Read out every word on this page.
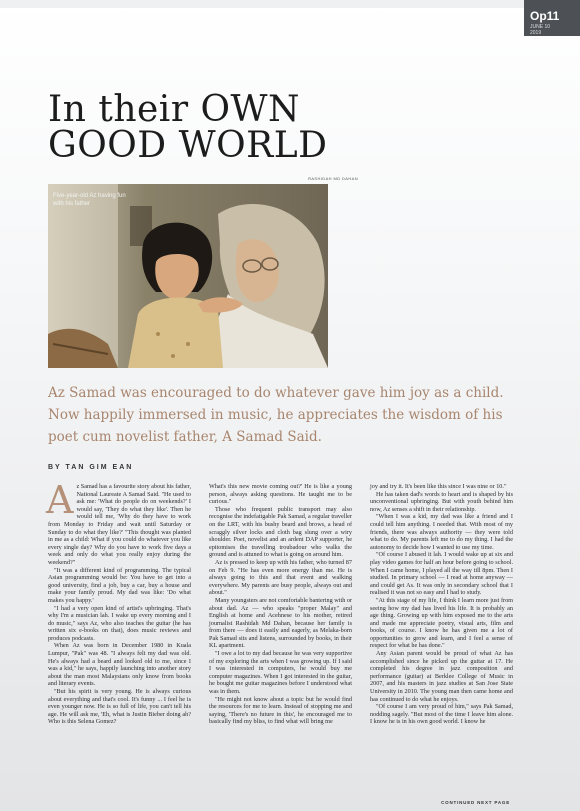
Op11
JUNE 10
2019
In their OWN
GOOD WORLD
RASHIDAH MD DAHAN
Five-year-old Az having fun with his father

Az Samad was encouraged to do whatever gave him joy as a child. Now happily immersed in music, he appreciates the wisdom of his poet cum novelist father, A Samad Said.

BY TAN GIM EAN

Az Samad has a favourite story about his father, National Laureate A Samad Said. "He used to ask me: 'What do people do on weekends?' I would say, 'They do what they like'. Then he would tell me, 'Why do they have to work from Monday to Friday and wait until Saturday or Sunday to do what they like?' "This thought was planted in me as a child: What if you could do whatever you like every single day? Why do you have to work five days a week and only do what you really enjoy during the weekend?"

"It was a different kind of programming. The typical Asian programming would be: You have to get into a good university, find a job, buy a car, buy a house and make your family proud. My dad was like: 'Do what makes you happy.'

"I had a very open kind of artist's upbringing. That's why I'm a musician lah. I wake up every morning and I do music," says Az, who also teaches the guitar (he has written six e-books on that), does music reviews and produces podcasts.

When Az was born in December 1980 in Kuala Lumpur, "Pak" was 48. "I always felt my dad was old. He's always had a beard and looked old to me, since I was a kid," he says, happily launching into another story about the man most Malaysians only know from books and literary events.

"But his spirit is very young. He is always curious about everything and that's cool. It's funny ... I feel he is even younger now. He is so full of life, you can't tell his age. He will ask me, 'Eh, what is Justin Bieber doing ah? Who is this Selena Gomez?

What's this new movie coming out?' He is like a young person, always asking questions. He taught me to be curious."

Those who frequent public transport may also recognise the indefatigable Pak Samad, a regular traveller on the LRT, with his bushy beard and brows, a head of scraggly silver locks and cloth bag slung over a wiry shoulder. Poet, novelist and an ardent DAP supporter, he epitomises the travelling troubadour who walks the ground and is attuned to what is going on around him.

Az is pressed to keep up with his father, who turned 87 on Feb 9. "He has even more energy than me. He is always going to this and that event and walking everywhere. My parents are busy people, always out and about."

Many youngsters are not comfortable bantering with or about dad. Az — who speaks "proper Malay" and English at home and Acehnese to his mother, retired journalist Rashidah Md Dahan, because her family is from there — does it easily and eagerly, as Melaka-born Pak Samad sits and listens, surrounded by books, in their KL apartment.

"I owe a lot to my dad because he was very supportive of my exploring the arts when I was growing up. If I said I was interested in computers, he would buy me computer magazines. When I got interested in the guitar, he bought me guitar magazines before I understood what was in them.

"He might not know about a topic but he would find the resources for me to learn. Instead of stopping me and saying, 'There's no future in this', he encouraged me to basically find my bliss, to find what will bring me

joy and try it. It's been like this since I was nine or 10."

He has taken dad's words to heart and is shaped by his unconventional upbringing. But with youth behind him now, Az senses a shift in their relationship.

"When I was a kid, my dad was like a friend and I could tell him anything. I needed that. With most of my friends, there was always authority — they were told what to do. My parents left me to do my thing. I had the autonomy to decide how I wanted to use my time.

"Of course I abused it lah. I would wake up at six and play video games for half an hour before going to school. When I came home, I played all the way till 8pm. Then I studied. In primary school — I read at home anyway — and could get As. It was only in secondary school that I realised it was not so easy and I had to study.

"At this stage of my life, I think I learn more just from seeing how my dad has lived his life. It is probably an age thing. Growing up with him exposed me to the arts and made me appreciate poetry, visual arts, film and books, of course. I know he has given me a lot of opportunities to grow and learn, and I feel a sense of respect for what he has done."

Any Asian parent would be proud of what Az has accomplished since he picked up the guitar at 17. He completed his degree in jazz composition and performance (guitar) at Berklee College of Music in 2007, and his masters in jazz studies at San Jose State University in 2010. The young man then came home and has continued to do what he enjoys.

"Of course I am very proud of him," says Pak Samad, nodding sagely. "But most of the time I leave him alone. I know he is in his own good world. I know he

CONTINUED NEXT PAGE
